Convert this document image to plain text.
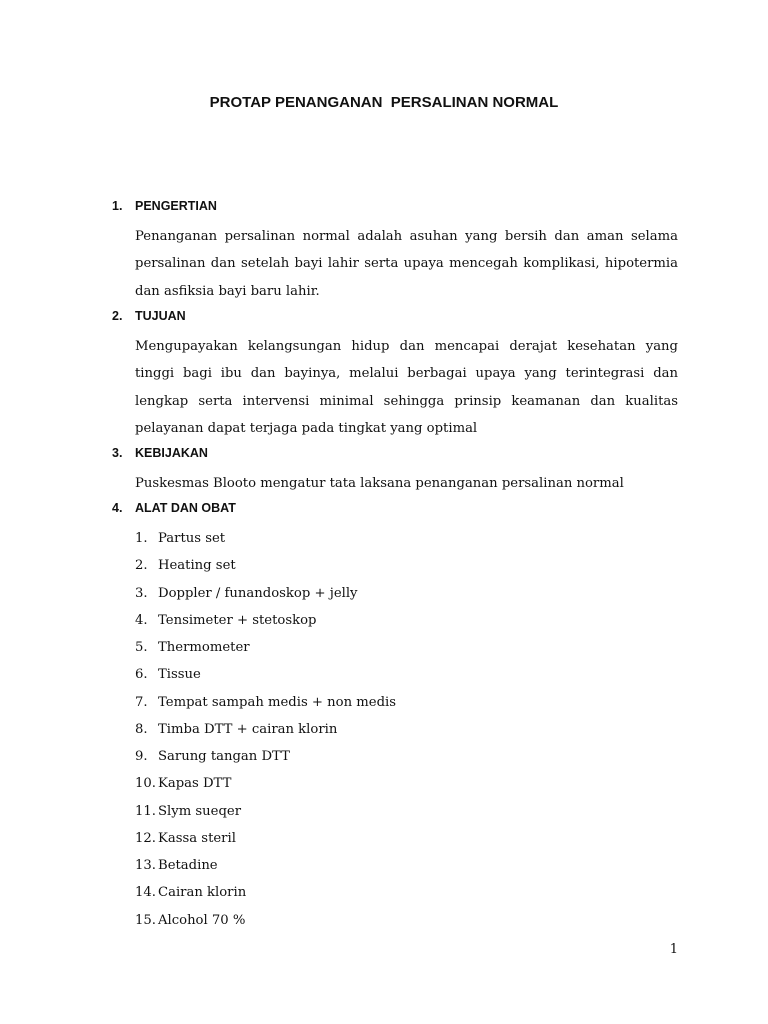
PROTAP PENANGANAN  PERSALINAN NORMAL
1.	PENGERTIAN
Penanganan persalinan normal adalah asuhan yang bersih dan aman selama persalinan dan setelah bayi lahir serta upaya mencegah komplikasi, hipotermia dan asfiksia bayi baru lahir.
2.	TUJUAN
Mengupayakan kelangsungan hidup dan mencapai derajat kesehatan yang tinggi bagi ibu dan bayinya, melalui berbagai upaya yang terintegrasi dan lengkap serta intervensi minimal sehingga prinsip keamanan dan kualitas pelayanan dapat terjaga pada tingkat yang optimal
3.	KEBIJAKAN
Puskesmas Blooto mengatur tata laksana penanganan persalinan normal
4.	ALAT DAN OBAT
1. Partus set
2. Heating set
3. Doppler / funandoskop + jelly
4. Tensimeter + stetoskop
5. Thermometer
6. Tissue
7. Tempat sampah medis + non medis
8. Timba DTT + cairan klorin
9. Sarung tangan DTT
10. Kapas DTT
11. Slym sueqer
12. Kassa steril
13. Betadine
14. Cairan klorin
15. Alcohol 70 %
1
